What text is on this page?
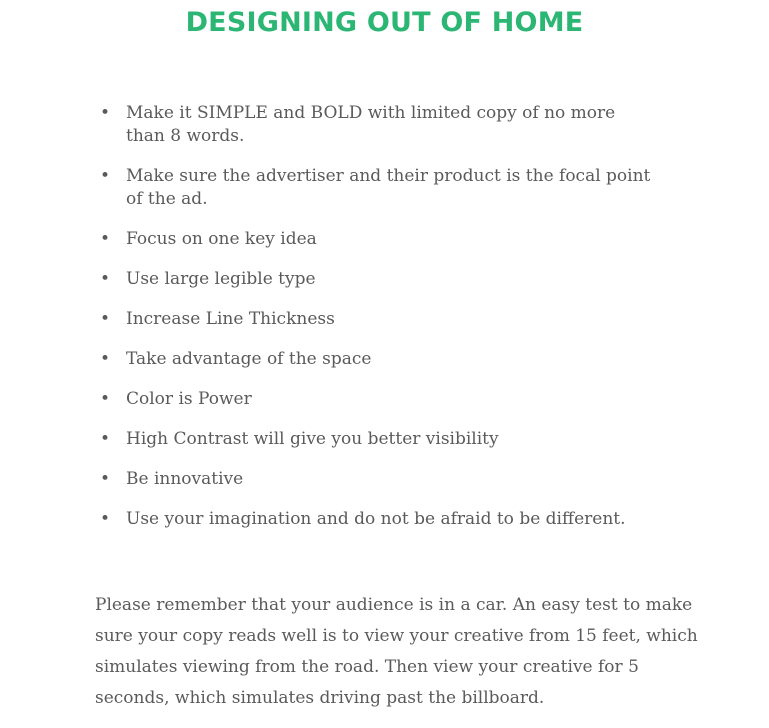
DESIGNING OUT OF HOME
• Make it SIMPLE and BOLD with limited copy of no more than 8 words.
• Make sure the advertiser and their product is the focal point of the ad.
• Focus on one key idea
• Use large legible type
• Increase Line Thickness
• Take advantage of the space
• Color is Power
• High Contrast will give you better visibility
• Be innovative
• Use your imagination and do not be afraid to be different.

Please remember that your audience is in a car. An easy test to make sure your copy reads well is to view your creative from 15 feet, which simulates viewing from the road. Then view your creative for 5 seconds, which simulates driving past the billboard.
